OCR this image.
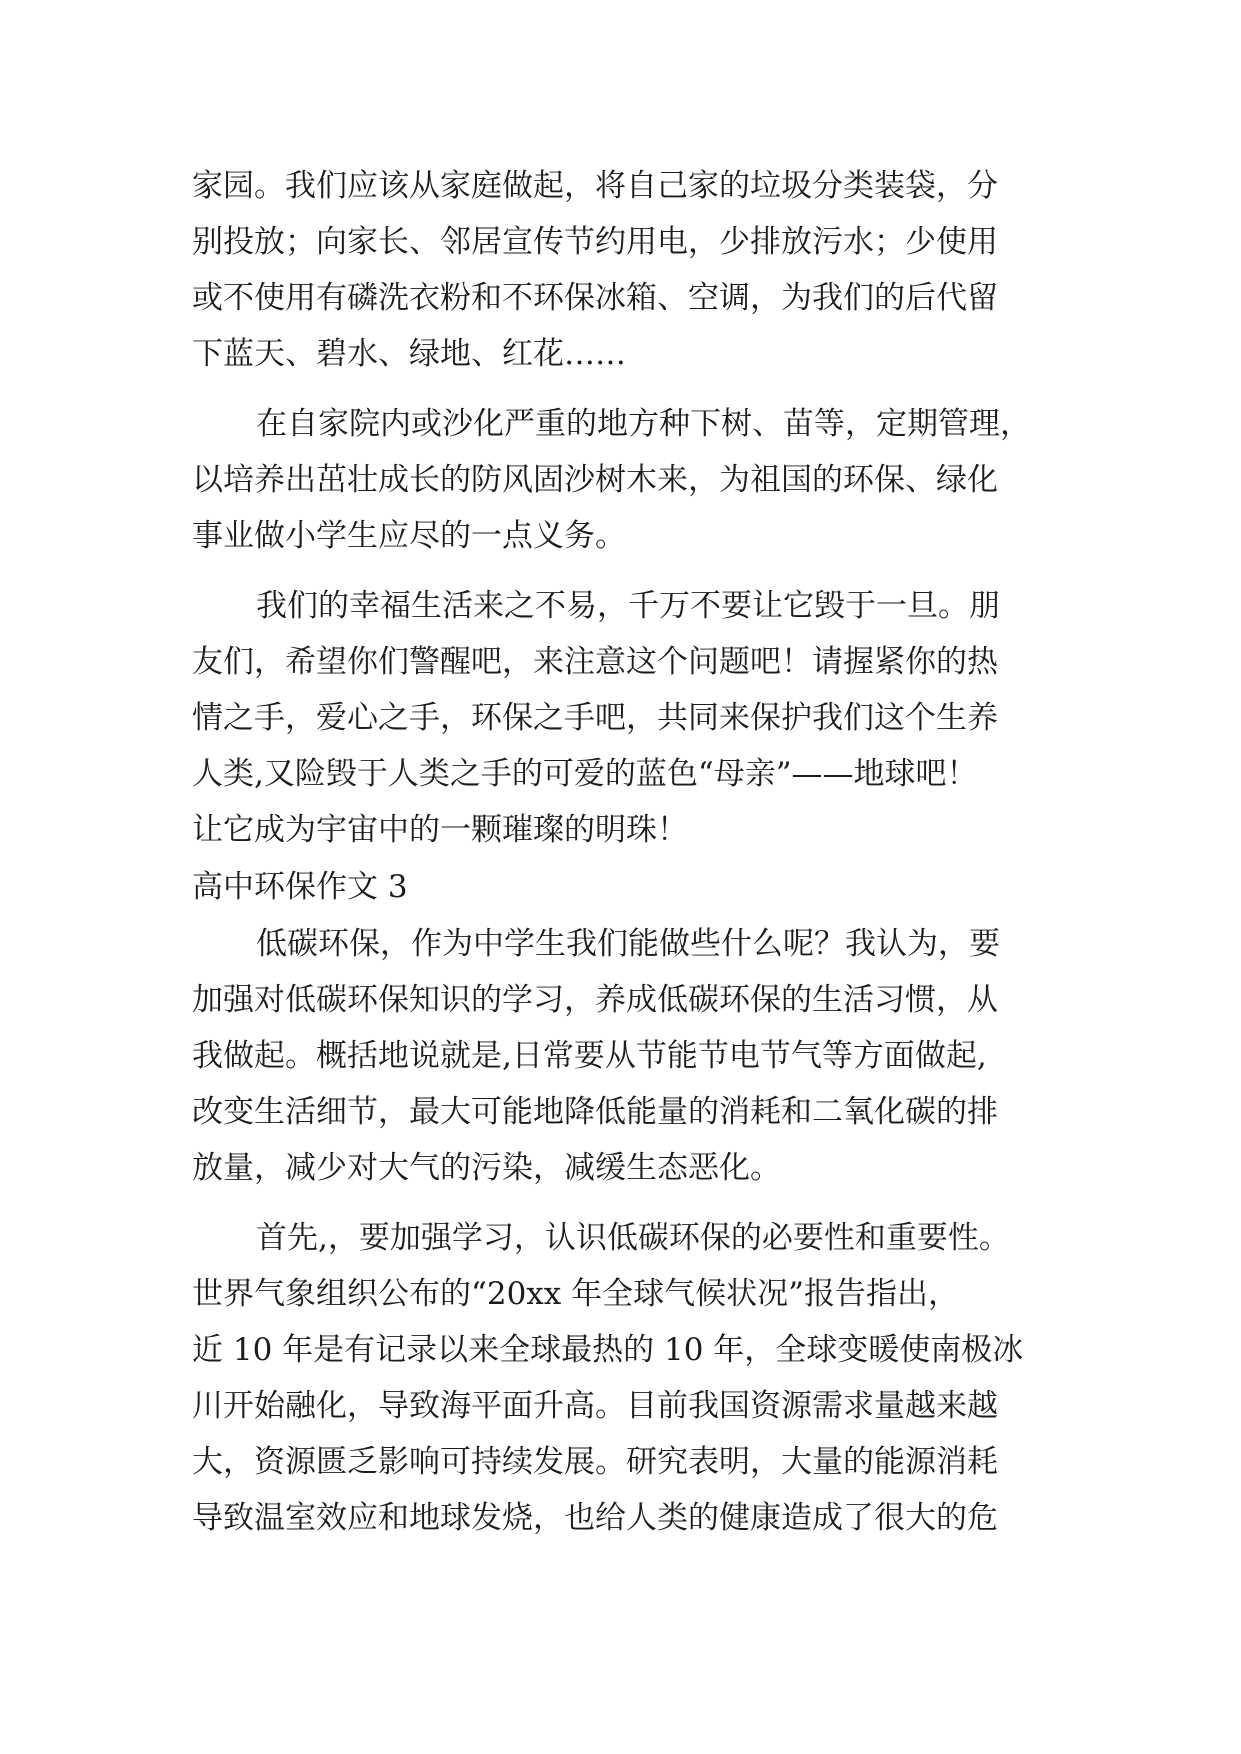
家园。我们应该从家庭做起，将自己家的垃圾分类装袋，分
别投放；向家长、邻居宣传节约用电，少排放污水；少使用
或不使用有磷洗衣粉和不环保冰箱、空调，为我们的后代留
下蓝天、碧水、绿地、红花……
在自家院内或沙化严重的地方种下树、苗等，定期管理，
以培养出茁壮成长的防风固沙树木来，为祖国的环保、绿化
事业做小学生应尽的一点义务。
我们的幸福生活来之不易，千万不要让它毁于一旦。朋
友们，希望你们警醒吧，来注意这个问题吧！请握紧你的热
情之手，爱心之手，环保之手吧，共同来保护我们这个生养
人类,又险毁于人类之手的可爱的蓝色“母亲”——地球吧！
让它成为宇宙中的一颗璀璨的明珠！
高中环保作文 3
低碳环保，作为中学生我们能做些什么呢？我认为，要
加强对低碳环保知识的学习，养成低碳环保的生活习惯，从
我做起。概括地说就是,日常要从节能节电节气等方面做起,
改变生活细节，最大可能地降低能量的消耗和二氧化碳的排
放量，减少对大气的污染，减缓生态恶化。
首先,，要加强学习，认识低碳环保的必要性和重要性。
世界气象组织公布的“20xx 年全球气候状况”报告指出，
近 10 年是有记录以来全球最热的 10 年，全球变暖使南极冰
川开始融化，导致海平面升高。目前我国资源需求量越来越
大，资源匮乏影响可持续发展。研究表明，大量的能源消耗
导致温室效应和地球发烧，也给人类的健康造成了很大的危
